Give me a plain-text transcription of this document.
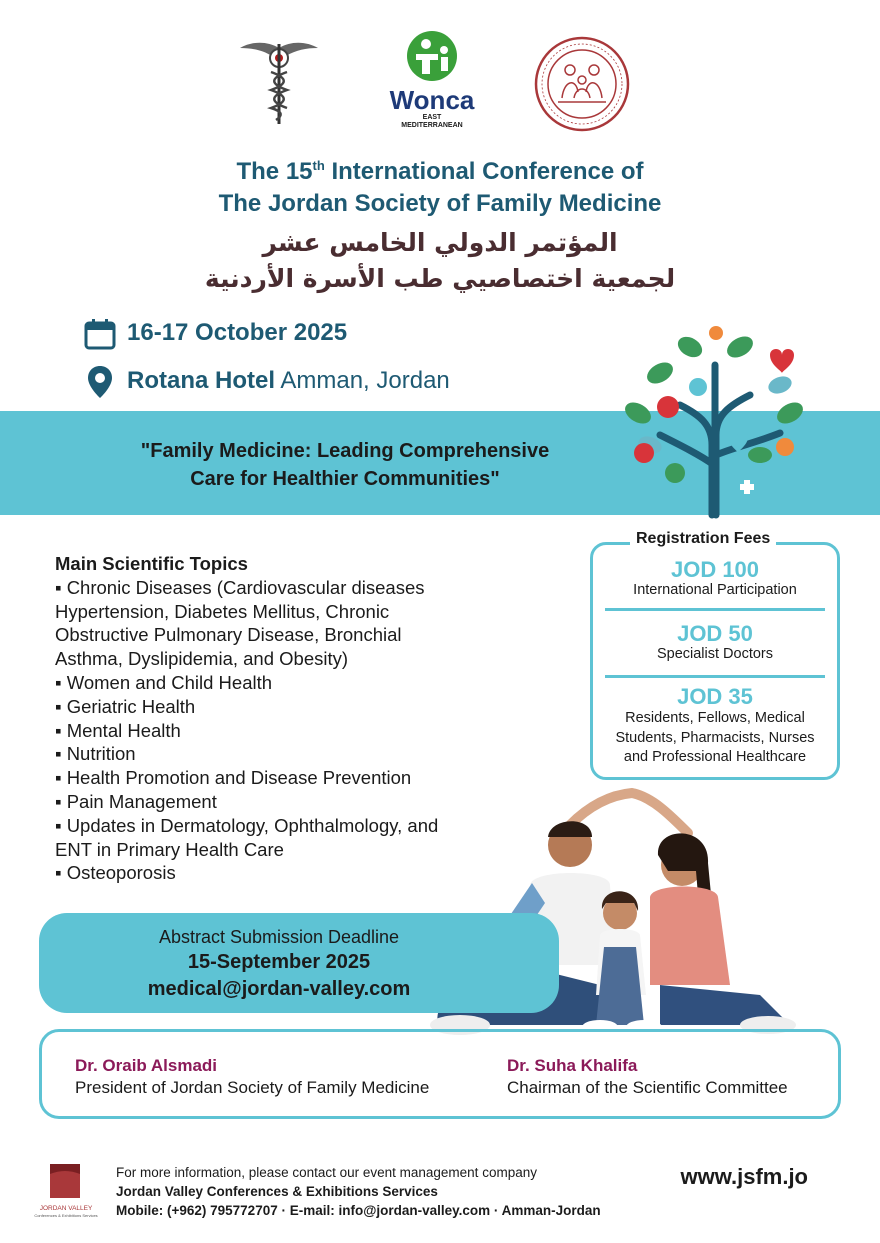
Wonca
EAST
MEDITERRANEAN
The 15th International Conference of
The Jordan Society of Family Medicine
المؤتمر الدولي الخامس عشر
لجمعية اختصاصيي طب الأسرة الأردنية
16-17 October 2025
Rotana Hotel Amman, Jordan
"Family Medicine: Leading Comprehensive
Care for Healthier Communities"
Main Scientific Topics
▪ Chronic Diseases (Cardiovascular diseases
Hypertension, Diabetes Mellitus, Chronic
Obstructive Pulmonary Disease, Bronchial
Asthma, Dyslipidemia, and Obesity)
▪ Women and Child Health
▪ Geriatric Health
▪ Mental Health
▪ Nutrition
▪ Health Promotion and Disease Prevention
▪ Pain Management
▪ Updates in Dermatology, Ophthalmology, and
ENT in Primary Health Care
▪ Osteoporosis
Registration Fees
JOD 100
International Participation
JOD 50
Specialist Doctors
JOD 35
Residents, Fellows, Medical
Students, Pharmacists, Nurses
and Professional Healthcare
Abstract Submission Deadline
15-September 2025
medical@jordan-valley.com
Dr. Oraib Alsmadi
President of Jordan Society of Family Medicine
Dr. Suha Khalifa
Chairman of the Scientific Committee
JORDAN VALLEY
Conferences & Exhibitions Services
For more information, please contact our event management company
Jordan Valley Conferences & Exhibitions Services
Mobile: (+962) 795772707 · E-mail: info@jordan-valley.com · Amman-Jordan
www.jsfm.jo
